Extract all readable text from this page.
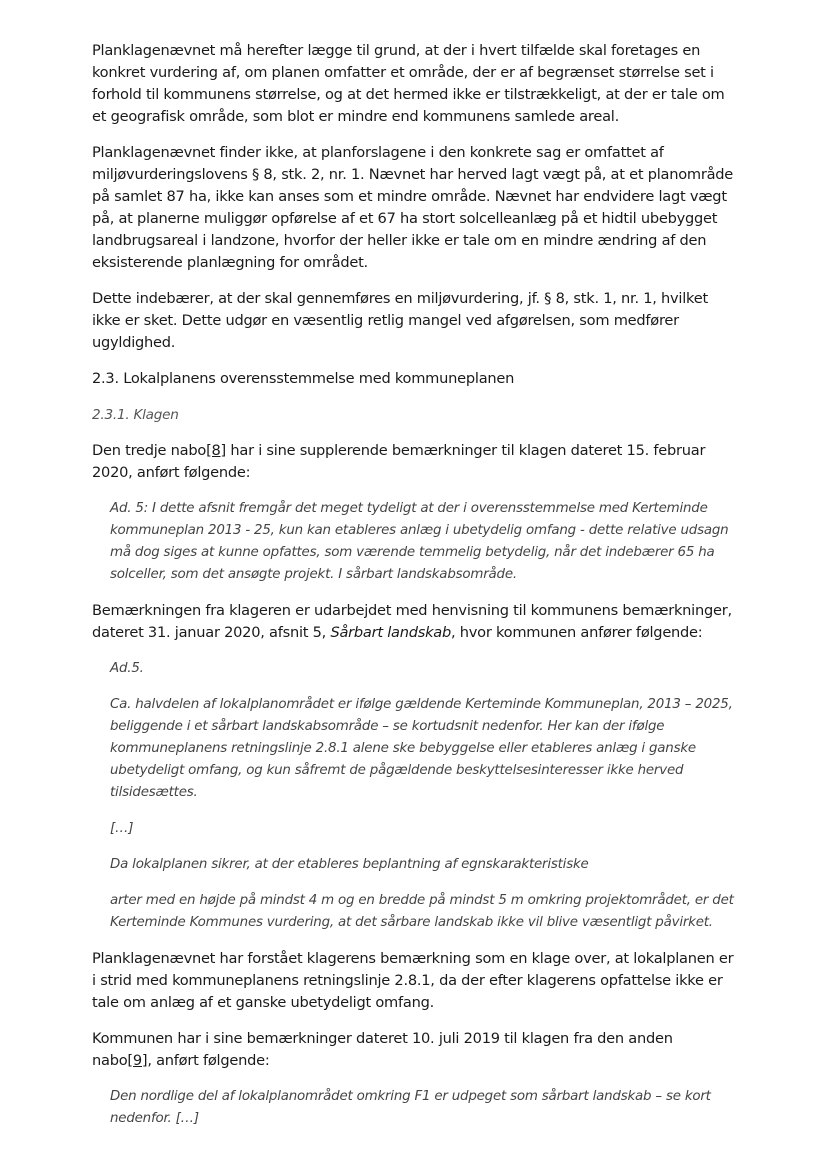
Planklagenævnet må herefter lægge til grund, at der i hvert tilfælde skal foretages en konkret vurdering af, om planen omfatter et område, der er af begrænset størrelse set i forhold til kommunens størrelse, og at det hermed ikke er tilstrækkeligt, at der er tale om et geografisk område, som blot er mindre end kommunens samlede areal.

Planklagenævnet finder ikke, at planforslagene i den konkrete sag er omfattet af miljøvurderingslovens § 8, stk. 2, nr. 1. Nævnet har herved lagt vægt på, at et planområde på samlet 87 ha, ikke kan anses som et mindre område. Nævnet har endvidere lagt vægt på, at planerne muliggør opførelse af et 67 ha stort solcelleanlæg på et hidtil ubebygget landbrugsareal i landzone, hvorfor der heller ikke er tale om en mindre ændring af den eksisterende planlægning for området.

Dette indebærer, at der skal gennemføres en miljøvurdering, jf. § 8, stk. 1, nr. 1, hvilket ikke er sket. Dette udgør en væsentlig retlig mangel ved afgørelsen, som medfører ugyldighed.

2.3. Lokalplanens overensstemmelse med kommuneplanen

2.3.1. Klagen

Den tredje nabo[8] har i sine supplerende bemærkninger til klagen dateret 15. februar 2020, anført følgende:

Ad. 5: I dette afsnit fremgår det meget tydeligt at der i overensstemmelse med Kerteminde kommuneplan 2013 - 25, kun kan etableres anlæg i ubetydelig omfang - dette relative udsagn må dog siges at kunne opfattes, som værende temmelig betydelig, når det indebærer 65 ha solceller, som det ansøgte projekt. I sårbart landskabsområde.

Bemærkningen fra klageren er udarbejdet med henvisning til kommunens bemærkninger, dateret 31. januar 2020, afsnit 5, Sårbart landskab, hvor kommunen anfører følgende:

Ad.5.

Ca. halvdelen af lokalplanområdet er ifølge gældende Kerteminde Kommuneplan, 2013 – 2025, beliggende i et sårbart landskabsområde – se kortudsnit nedenfor. Her kan der ifølge kommuneplanens retningslinje 2.8.1 alene ske bebyggelse eller etableres anlæg i ganske ubetydeligt omfang, og kun såfremt de pågældende beskyttelsesinteresser ikke herved tilsidesættes.

[…]

Da lokalplanen sikrer, at der etableres beplantning af egnskarakteristiske

arter med en højde på mindst 4 m og en bredde på mindst 5 m omkring projektområdet, er det Kerteminde Kommunes vurdering, at det sårbare landskab ikke vil blive væsentligt påvirket.

Planklagenævnet har forstået klagerens bemærkning som en klage over, at lokalplanen er i strid med kommuneplanens retningslinje 2.8.1, da der efter klagerens opfattelse ikke er tale om anlæg af et ganske ubetydeligt omfang.

Kommunen har i sine bemærkninger dateret 10. juli 2019 til klagen fra den anden nabo[9], anført følgende:

Den nordlige del af lokalplanområdet omkring F1 er udpeget som sårbart landskab – se kort nedenfor. […]
